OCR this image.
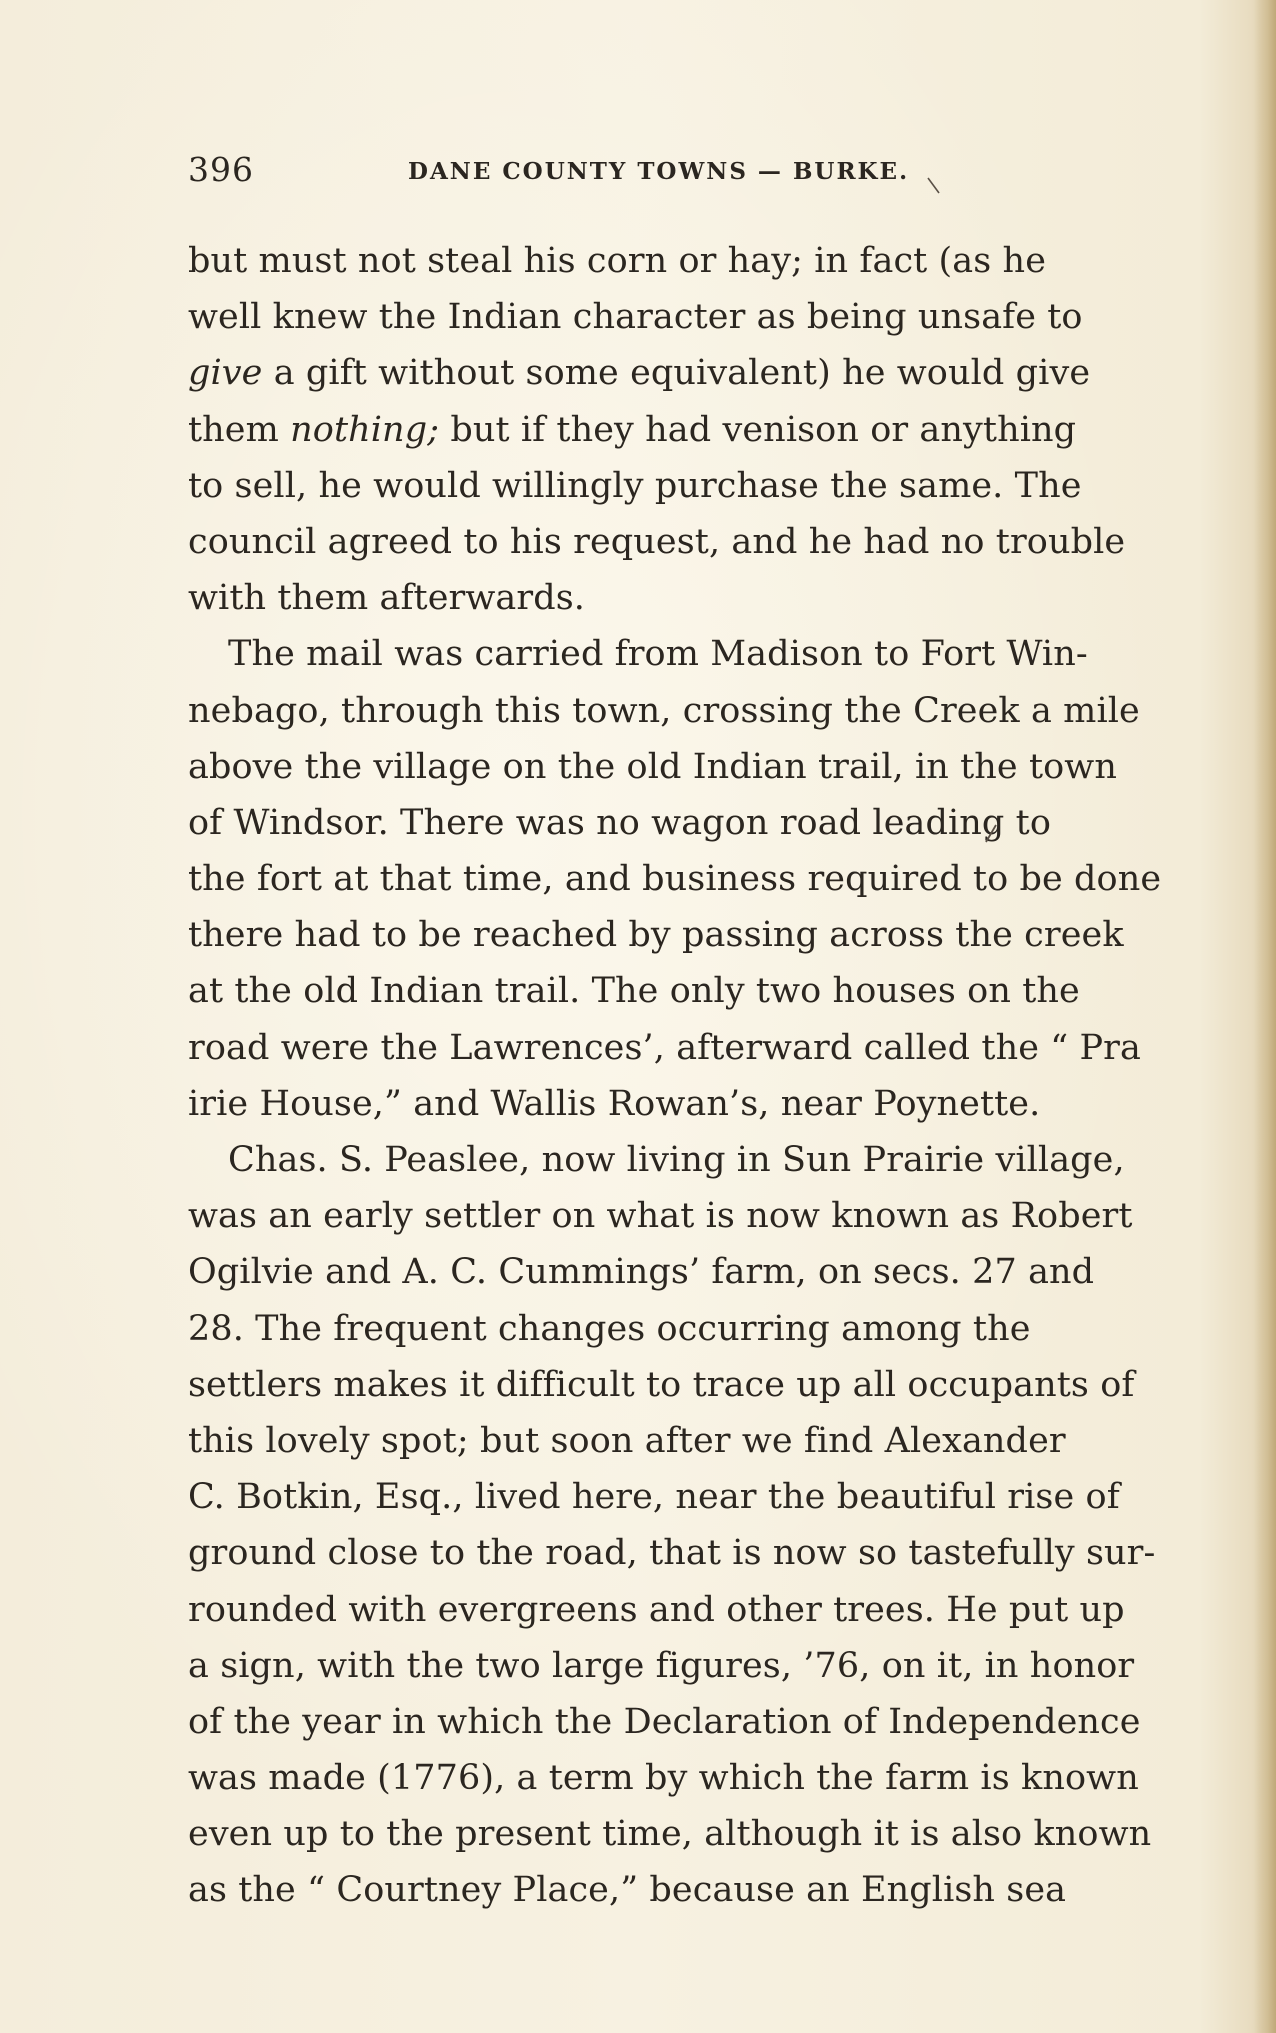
396	DANE COUNTY TOWNS — BURKE.
but must not steal his corn or hay; in fact (as he
well knew the Indian character as being unsafe to
give a gift without some equivalent) he would give
them nothing; but if they had venison or anything
to sell, he would willingly purchase the same. The
council agreed to his request, and he had no trouble
with them afterwards.
The mail was carried from Madison to Fort Win-
nebago, through this town, crossing the Creek a mile
above the village on the old Indian trail, in the town
of Windsor. There was no wagon road leading to
the fort at that time, and business required to be done
there had to be reached by passing across the creek
at the old Indian trail. The only two houses on the
road were the Lawrences’, afterward called the “ Pra
irie House,” and Wallis Rowan’s, near Poynette.
Chas. S. Peaslee, now living in Sun Prairie village,
was an early settler on what is now known as Robert
Ogilvie and A. C. Cummings’ farm, on secs. 27 and
28. The frequent changes occurring among the
settlers makes it difficult to trace up all occupants of
this lovely spot; but soon after we find Alexander
C. Botkin, Esq., lived here, near the beautiful rise of
ground close to the road, that is now so tastefully sur-
rounded with evergreens and other trees. He put up
a sign, with the two large figures, ’76, on it, in honor
of the year in which the Declaration of Independence
was made (1776), a term by which the farm is known
even up to the present time, although it is also known
as the “ Courtney Place,” because an English sea
